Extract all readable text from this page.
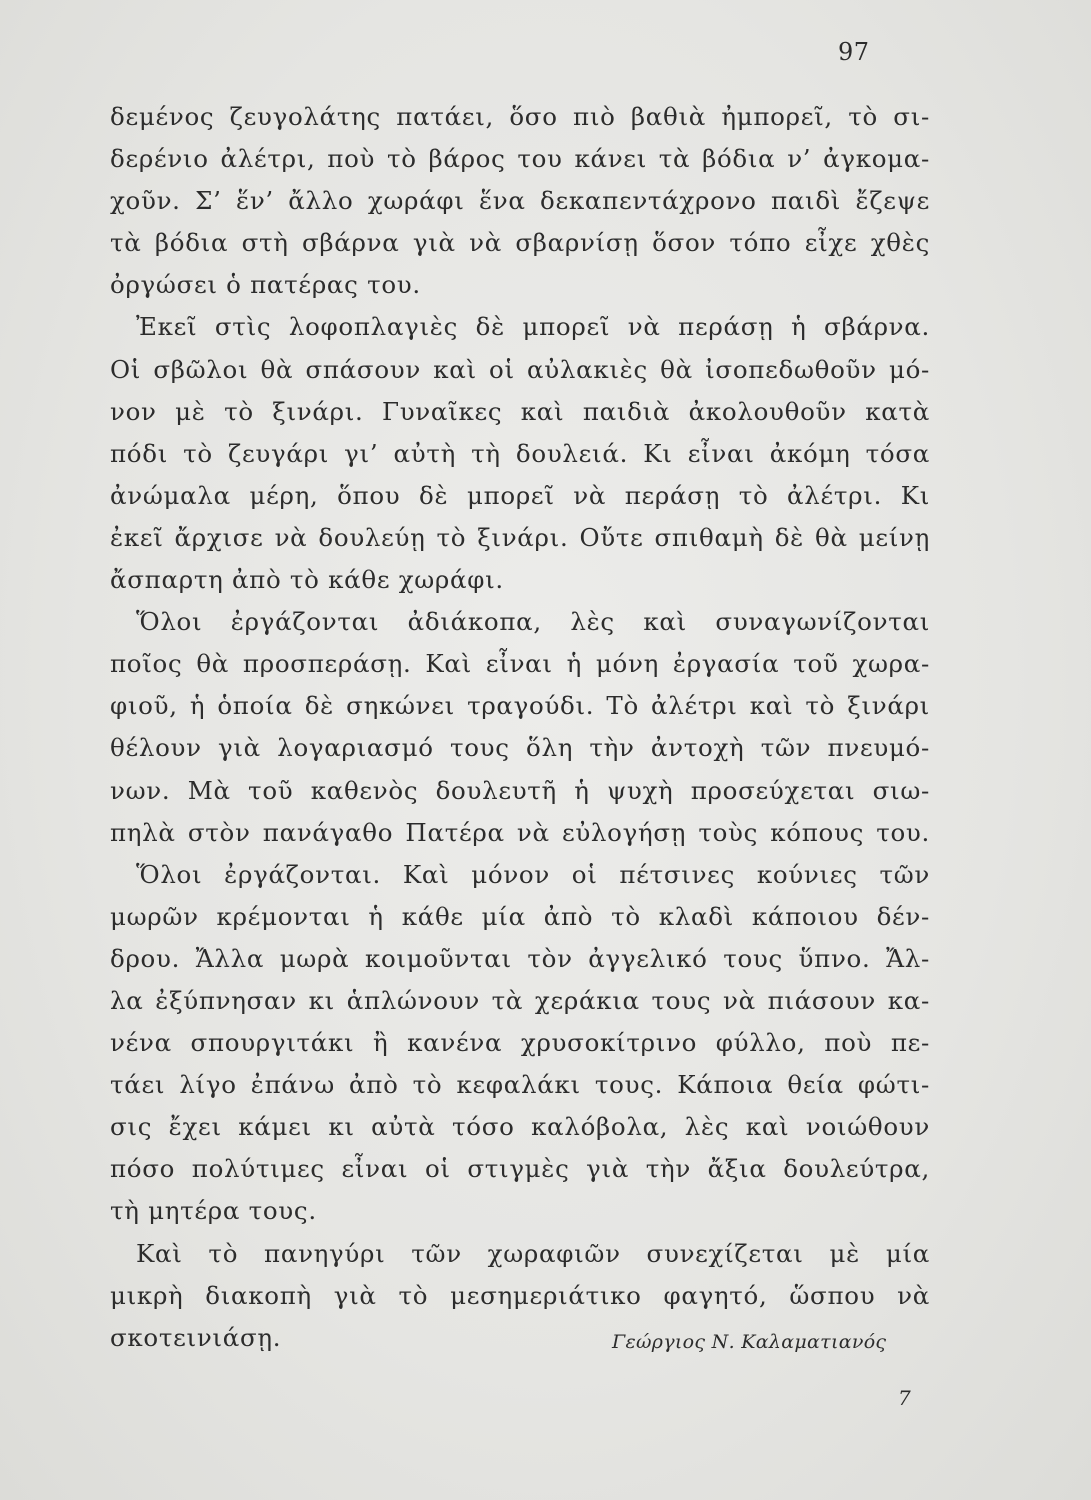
97
δεμένος ζευγολάτης πατάει, ὅσο πιὸ βαθιὰ ἠμπορεῖ, τὸ σι-
δερένιο ἀλέτρι, ποὺ τὸ βάρος του κάνει τὰ βόδια ν’ ἀγκομα-
χοῦν. Σ’ ἕν’ ἄλλο χωράφι ἕνα δεκαπεντάχρονο παιδὶ ἔζεψε
τὰ βόδια στὴ σβάρνα γιὰ νὰ σβαρνίσῃ ὅσον τόπο εἶχε χθὲς
ὀργώσει ὁ πατέρας του.
Ἐκεῖ στὶς λοφοπλαγιὲς δὲ μπορεῖ νὰ περάσῃ ἡ σβάρνα.
Οἱ σβῶλοι θὰ σπάσουν καὶ οἱ αὐλακιὲς θὰ ἰσοπεδωθοῦν μό-
νον μὲ τὸ ξινάρι. Γυναῖκες καὶ παιδιὰ ἀκολουθοῦν κατὰ
πόδι τὸ ζευγάρι γι’ αὐτὴ τὴ δουλειά. Κι εἶναι ἀκόμη τόσα
ἀνώμαλα μέρη, ὅπου δὲ μπορεῖ νὰ περάσῃ τὸ ἀλέτρι. Κι
ἐκεῖ ἄρχισε νὰ δουλεύῃ τὸ ξινάρι. Οὔτε σπιθαμὴ δὲ θὰ μείνῃ
ἄσπαρτη ἀπὸ τὸ κάθε χωράφι.
Ὅλοι ἐργάζονται ἀδιάκοπα, λὲς καὶ συναγωνίζονται
ποῖος θὰ προσπεράσῃ. Καὶ εἶναι ἡ μόνη ἐργασία τοῦ χωρα-
φιοῦ, ἡ ὁποία δὲ σηκώνει τραγούδι. Τὸ ἀλέτρι καὶ τὸ ξινάρι
θέλουν γιὰ λογαριασμό τους ὅλη τὴν ἀντοχὴ τῶν πνευμό-
νων. Μὰ τοῦ καθενὸς δουλευτῆ ἡ ψυχὴ προσεύχεται σιω-
πηλὰ στὸν πανάγαθο Πατέρα νὰ εὐλογήσῃ τοὺς κόπους του.
Ὅλοι ἐργάζονται. Καὶ μόνον οἱ πέτσινες κούνιες τῶν
μωρῶν κρέμονται ἡ κάθε μία ἀπὸ τὸ κλαδὶ κάποιου δέν-
δρου. Ἄλλα μωρὰ κοιμοῦνται τὸν ἀγγελικό τους ὕπνο. Ἄλ-
λα ἐξύπνησαν κι ἁπλώνουν τὰ χεράκια τους νὰ πιάσουν κα-
νένα σπουργιτάκι ἢ κανένα χρυσοκίτρινο φύλλο, ποὺ πε-
τάει λίγο ἐπάνω ἀπὸ τὸ κεφαλάκι τους. Κάποια θεία φώτι-
σις ἔχει κάμει κι αὐτὰ τόσο καλόβολα, λὲς καὶ νοιώθουν
πόσο πολύτιμες εἶναι οἱ στιγμὲς γιὰ τὴν ἄξια δουλεύτρα,
τὴ μητέρα τους.
Καὶ τὸ πανηγύρι τῶν χωραφιῶν συνεχίζεται μὲ μία
μικρὴ διακοπὴ γιὰ τὸ μεσημεριάτικο φαγητό, ὥσπου νὰ
σκοτεινιάσῃ.	Γεώργιος Ν. Καλαματιανός
7
